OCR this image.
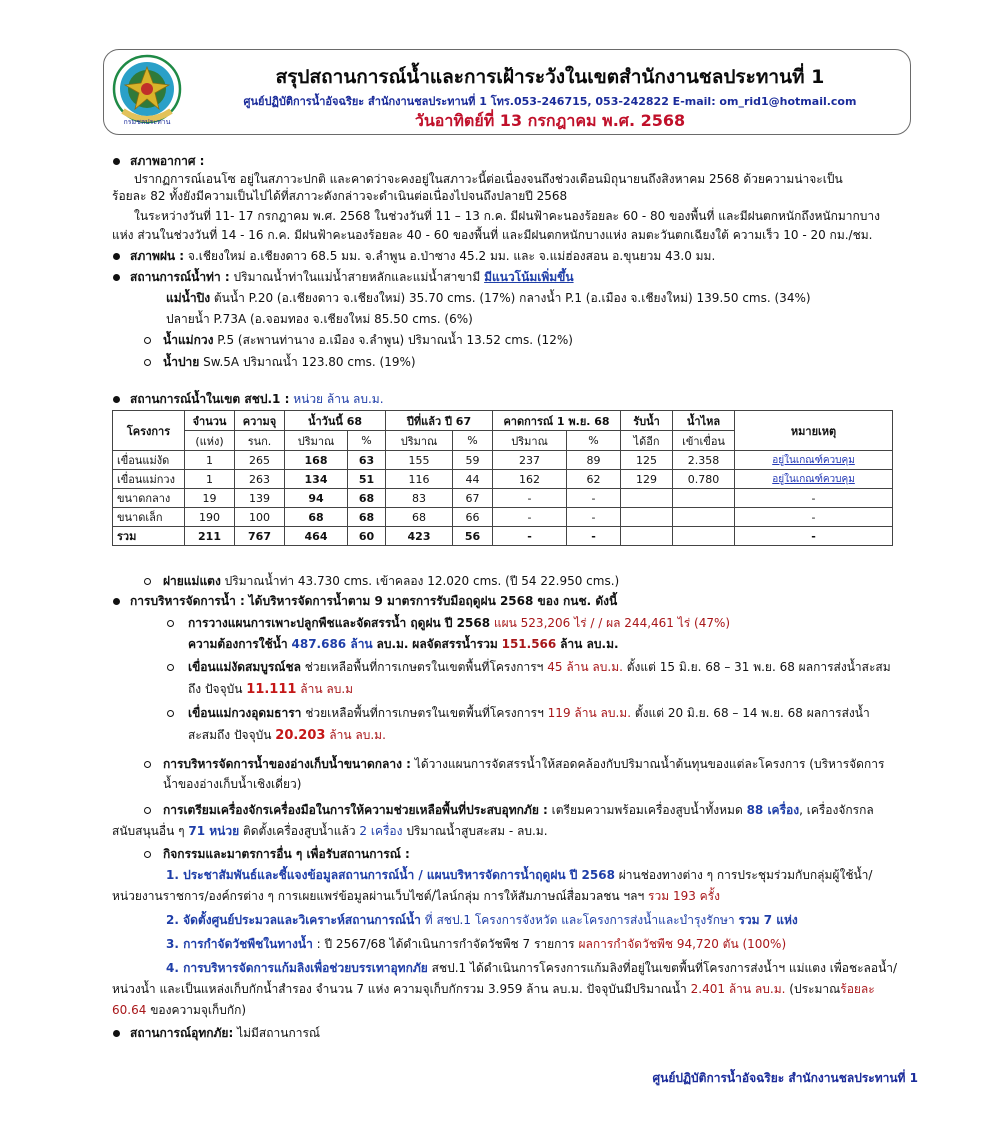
กรมชลประทาน
สรุปสถานการณ์น้ำและการเฝ้าระวังในเขตสำนักงานชลประทานที่ 1
ศูนย์ปฏิบัติการน้ำอัจฉริยะ สำนักงานชลประทานที่ 1 โทร.053-246715, 053-242822 E-mail: om_rid1@hotmail.com
วันอาทิตย์ที่ 13 กรกฎาคม พ.ศ. 2568
สภาพอากาศ :
ปรากฏการณ์เอนโซ อยู่ในสภาวะปกติ และคาดว่าจะคงอยู่ในสภาวะนี้ต่อเนื่องจนถึงช่วงเดือนมิถุนายนถึงสิงหาคม 2568 ด้วยความน่าจะเป็น
ร้อยละ 82 ทั้งยังมีความเป็นไปได้ที่สภาวะดังกล่าวจะดำเนินต่อเนื่องไปจนถึงปลายปี 2568
ในระหว่างวันที่ 11- 17 กรกฎาคม พ.ศ. 2568 ในช่วงวันที่ 11 – 13 ก.ค. มีฝนฟ้าคะนองร้อยละ 60 - 80 ของพื้นที่ และมีฝนตกหนักถึงหนักมากบาง
แห่ง ส่วนในช่วงวันที่ 14 - 16 ก.ค. มีฝนฟ้าคะนองร้อยละ 40 - 60 ของพื้นที่ และมีฝนตกหนักบางแห่ง ลมตะวันตกเฉียงใต้ ความเร็ว 10 - 20 กม./ชม.
สภาพฝน : จ.เชียงใหม่ อ.เชียงดาว 68.5 มม. จ.ลำพูน อ.ป่าซาง 45.2 มม. และ จ.แม่ฮ่องสอน อ.ขุนยวม 43.0 มม.
สถานการณ์น้ำท่า : ปริมาณน้ำท่าในแม่น้ำสายหลักและแม่น้ำสาขามี มีแนวโน้มเพิ่มขึ้น
แม่น้ำปิง ต้นน้ำ P.20 (อ.เชียงดาว จ.เชียงใหม่) 35.70 cms. (17%) กลางน้ำ P.1 (อ.เมือง จ.เชียงใหม่) 139.50 cms. (34%)
ปลายน้ำ P.73A (อ.จอมทอง จ.เชียงใหม่ 85.50 cms. (6%)
น้ำแม่กวง P.5 (สะพานท่านาง อ.เมือง จ.ลำพูน) ปริมาณน้ำ 13.52 cms. (12%)
น้ำปาย Sw.5A ปริมาณน้ำ 123.80 cms. (19%)
สถานการณ์น้ำในเขต สชป.1 : หน่วย ล้าน ลบ.ม.
โครงการ	จำนวน	ความจุ	น้ำวันนี้ 68		ปีที่แล้ว ปี 67		คาดการณ์ 1 พ.ย. 68		รับน้ำ	น้ำไหล	หมายเหตุ
	(แห่ง)	รนก.	ปริมาณ	%	ปริมาณ	%	ปริมาณ	%	ได้อีก	เข้าเขื่อน	
เขื่อนแม่งัด	1	265	168	63	155	59	237	89	125	2.358	อยู่ในเกณฑ์ควบคุม
เขื่อนแม่กวง	1	263	134	51	116	44	162	62	129	0.780	อยู่ในเกณฑ์ควบคุม
ขนาดกลาง	19	139	94	68	83	67	-	-			-
ขนาดเล็ก	190	100	68	68	68	66	-	-			-
รวม	211	767	464	60	423	56	-	-			-
ฝายแม่แตง ปริมาณน้ำท่า 43.730 cms. เข้าคลอง 12.020 cms. (ปี 54 22.950 cms.)
การบริหารจัดการน้ำ : ได้บริหารจัดการน้ำตาม 9 มาตรการรับมือฤดูฝน 2568 ของ กนช. ดังนี้
การวางแผนการเพาะปลูกพืชและจัดสรรน้ำ ฤดูฝน ปี 2568 แผน 523,206 ไร่ / / ผล 244,461 ไร่ (47%)
ความต้องการใช้น้ำ 487.686 ล้าน ลบ.ม. ผลจัดสรรน้ำรวม 151.566 ล้าน ลบ.ม.
เขื่อนแม่งัดสมบูรณ์ชล ช่วยเหลือพื้นที่การเกษตรในเขตพื้นที่โครงการฯ 45 ล้าน ลบ.ม. ตั้งแต่ 15 มิ.ย. 68 – 31 พ.ย. 68 ผลการส่งน้ำสะสม
ถึง ปัจจุบัน 11.111 ล้าน ลบ.ม
เขื่อนแม่กวงอุดมธารา ช่วยเหลือพื้นที่การเกษตรในเขตพื้นที่โครงการฯ 119 ล้าน ลบ.ม. ตั้งแต่ 20 มิ.ย. 68 – 14 พ.ย. 68 ผลการส่งน้ำ
สะสมถึง ปัจจุบัน 20.203 ล้าน ลบ.ม.
การบริหารจัดการน้ำของอ่างเก็บน้ำขนาดกลาง : ได้วางแผนการจัดสรรน้ำให้สอดคล้องกับปริมาณน้ำต้นทุนของแต่ละโครงการ (บริหารจัดการ
น้ำของอ่างเก็บน้ำเชิงเดี่ยว)
การเตรียมเครื่องจักรเครื่องมือในการให้ความช่วยเหลือพื้นที่ประสบอุทกภัย : เตรียมความพร้อมเครื่องสูบน้ำทั้งหมด 88 เครื่อง, เครื่องจักรกล
สนับสนุนอื่น ๆ 71 หน่วย ติดตั้งเครื่องสูบน้ำแล้ว 2 เครื่อง ปริมาณน้ำสูบสะสม - ลบ.ม.
กิจกรรมและมาตรการอื่น ๆ เพื่อรับสถานการณ์ :
1. ประชาสัมพันธ์และชี้แจงข้อมูลสถานการณ์น้ำ / แผนบริหารจัดการน้ำฤดูฝน ปี 2568 ผ่านช่องทางต่าง ๆ การประชุมร่วมกับกลุ่มผู้ใช้น้ำ/
หน่วยงานราชการ/องค์กรต่าง ๆ การเผยแพร่ข้อมูลผ่านเว็บไซต์/ไลน์กลุ่ม การให้สัมภาษณ์สื่อมวลชน ฯลฯ รวม 193 ครั้ง
2. จัดตั้งศูนย์ประมวลและวิเคราะห์สถานการณ์น้ำ ที่ สชป.1 โครงการจังหวัด และโครงการส่งน้ำและบำรุงรักษา รวม 7 แห่ง
3. การกำจัดวัชพืชในทางน้ำ : ปี 2567/68 ได้ดำเนินการกำจัดวัชพืช 7 รายการ ผลการกำจัดวัชพืช 94,720 ตัน (100%)
4. การบริหารจัดการแก้มลิงเพื่อช่วยบรรเทาอุทกภัย สชป.1 ได้ดำเนินการโครงการแก้มลิงที่อยู่ในเขตพื้นที่โครงการส่งน้ำฯ แม่แตง เพื่อชะลอน้ำ/
หน่วงน้ำ และเป็นแหล่งเก็บกักน้ำสำรอง จำนวน 7 แห่ง ความจุเก็บกักรวม 3.959 ล้าน ลบ.ม. ปัจจุบันมีปริมาณน้ำ 2.401 ล้าน ลบ.ม. (ประมาณร้อยละ
60.64 ของความจุเก็บกัก)
สถานการณ์อุทกภัย: ไม่มีสถานการณ์
ศูนย์ปฏิบัติการน้ำอัจฉริยะ สำนักงานชลประทานที่ 1
